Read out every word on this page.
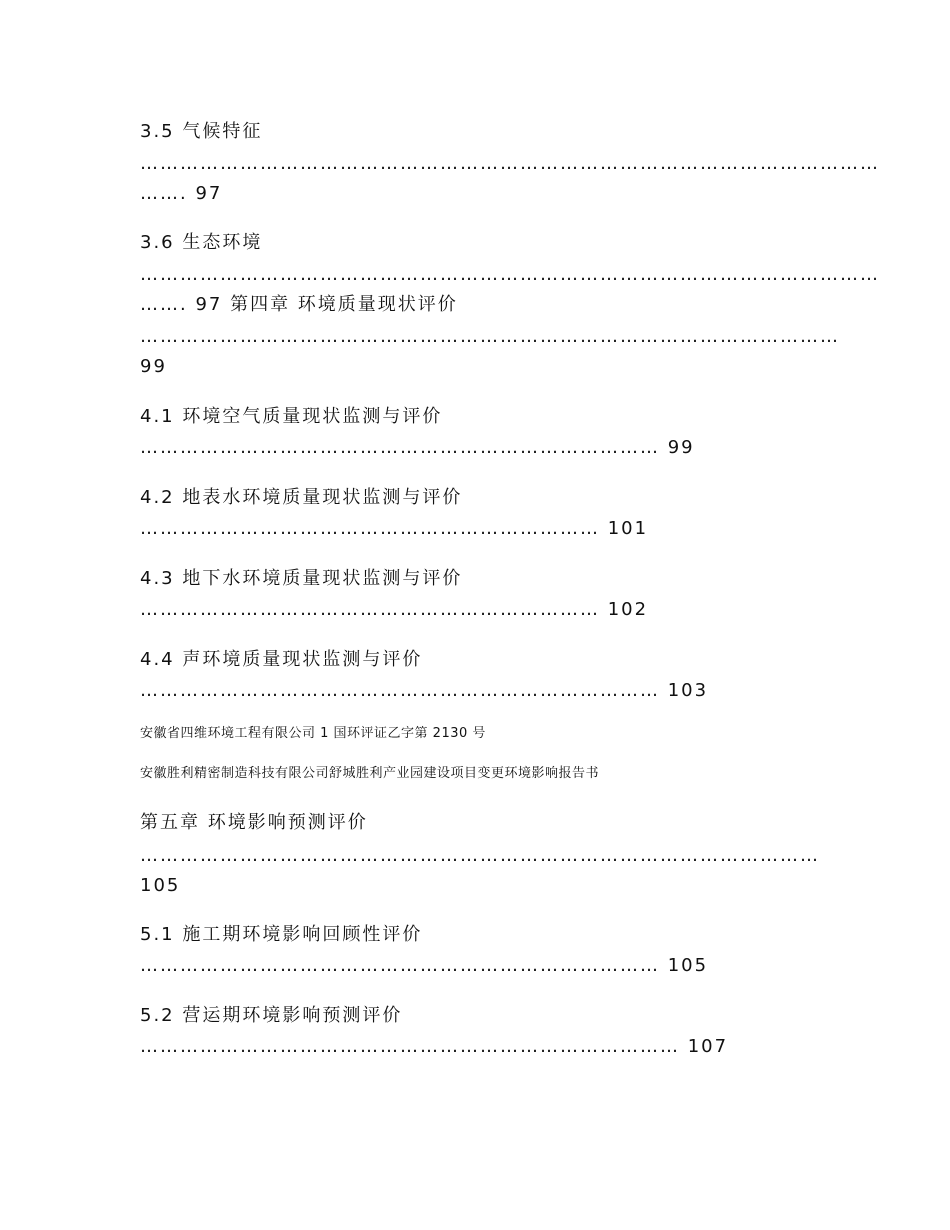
3.5 气候特征
…………………………………………………………………………………………………
……. 97
3.6 生态环境
…………………………………………………………………………………………………
……. 97 第四章 环境质量现状评价
……………………………………………………………………………………………
99
4.1 环境空气质量现状监测与评价
…………………………………………………………………… 99
4.2 地表水环境质量现状监测与评价
…………………………………………………………… 101
4.3 地下水环境质量现状监测与评价
…………………………………………………………… 102
4.4 声环境质量现状监测与评价
…………………………………………………………………… 103
安徽省四维环境工程有限公司 1 国环评证乙字第 2130 号
安徽胜利精密制造科技有限公司舒城胜利产业园建设项目变更环境影响报告书
第五章 环境影响预测评价
…………………………………………………………………………………………
105
5.1 施工期环境影响回顾性评价
…………………………………………………………………… 105
5.2 营运期环境影响预测评价
……………………………………………………………………… 107
